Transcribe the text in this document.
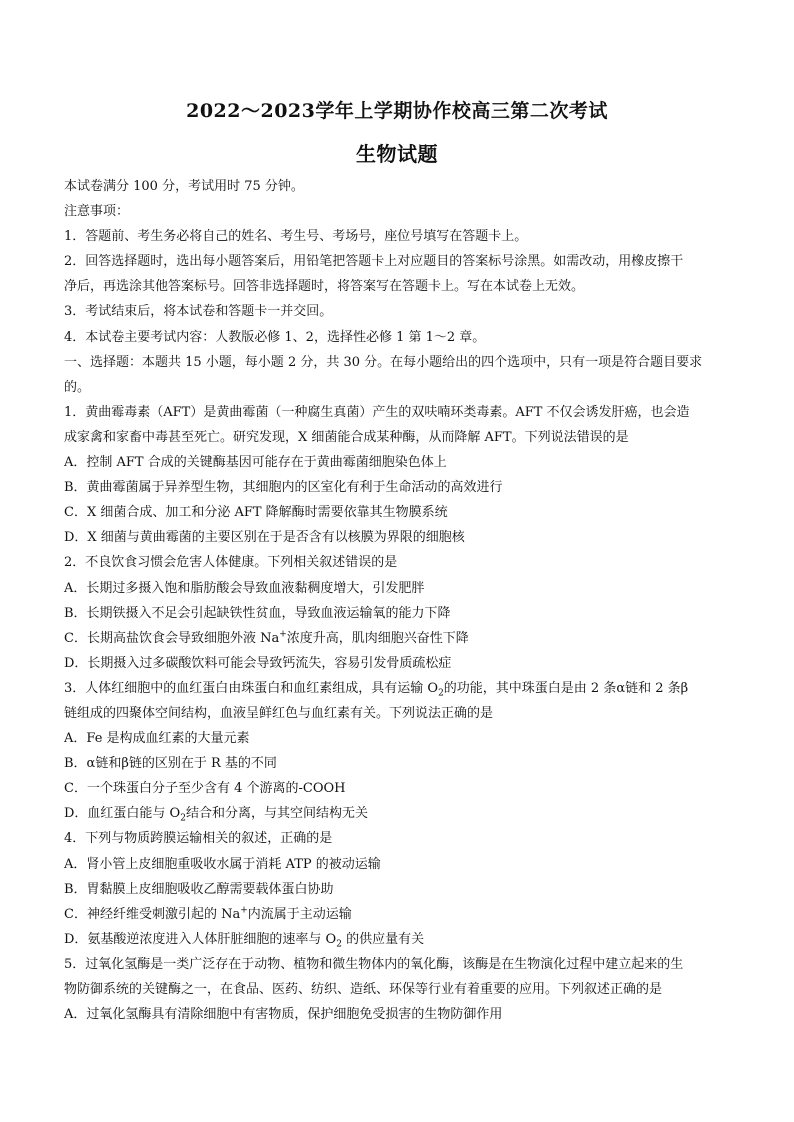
2022～2023学年上学期协作校高三第二次考试
生物试题
本试卷满分 100 分，考试用时 75 分钟。
注意事项：
1．答题前、考生务必将自己的姓名、考生号、考场号，座位号填写在答题卡上。
2．回答选择题时，选出每小题答案后，用铅笔把答题卡上对应题目的答案标号涂黑。如需改动，用橡皮擦干
净后，再选涂其他答案标号。回答非选择题时，将答案写在答题卡上。写在本试卷上无效。
3．考试结束后，将本试卷和答题卡一并交回。
4．本试卷主要考试内容：人教版必修 1、2，选择性必修 1 第 1～2 章。
一、选择题：本题共 15 小题，每小题 2 分，共 30 分。在每小题给出的四个选项中，只有一项是符合题目要求
的。
1．黄曲霉毒素（AFT）是黄曲霉菌（一种腐生真菌）产生的双呋喃环类毒素。AFT 不仅会诱发肝癌，也会造
成家禽和家畜中毒甚至死亡。研究发现，X 细菌能合成某种酶，从而降解 AFT。下列说法错误的是
A．控制 AFT 合成的关键酶基因可能存在于黄曲霉菌细胞染色体上
B．黄曲霉菌属于异养型生物，其细胞内的区室化有利于生命活动的高效进行
C．X 细菌合成、加工和分泌 AFT 降解酶时需要依靠其生物膜系统
D．X 细菌与黄曲霉菌的主要区别在于是否含有以核膜为界限的细胞核
2．不良饮食习惯会危害人体健康。下列相关叙述错误的是
A．长期过多摄入饱和脂肪酸会导致血液黏稠度增大，引发肥胖
B．长期铁摄入不足会引起缺铁性贫血，导致血液运输氧的能力下降
C．长期高盐饮食会导致细胞外液 Na+浓度升高，肌肉细胞兴奋性下降
D．长期摄入过多碳酸饮料可能会导致钙流失，容易引发骨质疏松症
3．人体红细胞中的血红蛋白由珠蛋白和血红素组成，具有运输 $O_2$的功能，其中珠蛋白是由 2 条α链和 2 条β
链组成的四聚体空间结构，血液呈鲜红色与血红素有关。下列说法正确的是
A．Fe 是构成血红素的大量元素
B．α链和β链的区别在于 R 基的不同
C．一个珠蛋白分子至少含有 4 个游离的-COOH
D．血红蛋白能与 $O_2$结合和分离，与其空间结构无关
4．下列与物质跨膜运输相关的叙述，正确的是
A．肾小管上皮细胞重吸收水属于消耗 ATP 的被动运输
B．胃黏膜上皮细胞吸收乙醇需要载体蛋白协助
C．神经纤维受刺激引起的 Na+内流属于主动运输
D．氨基酸逆浓度进入人体肝脏细胞的速率与 $O_2$ 的供应量有关
5．过氧化氢酶是一类广泛存在于动物、植物和微生物体内的氧化酶，该酶是在生物演化过程中建立起来的生
物防御系统的关键酶之一，在食品、医药、纺织、造纸、环保等行业有着重要的应用。下列叙述正确的是
A．过氧化氢酶具有清除细胞中有害物质，保护细胞免受损害的生物防御作用
